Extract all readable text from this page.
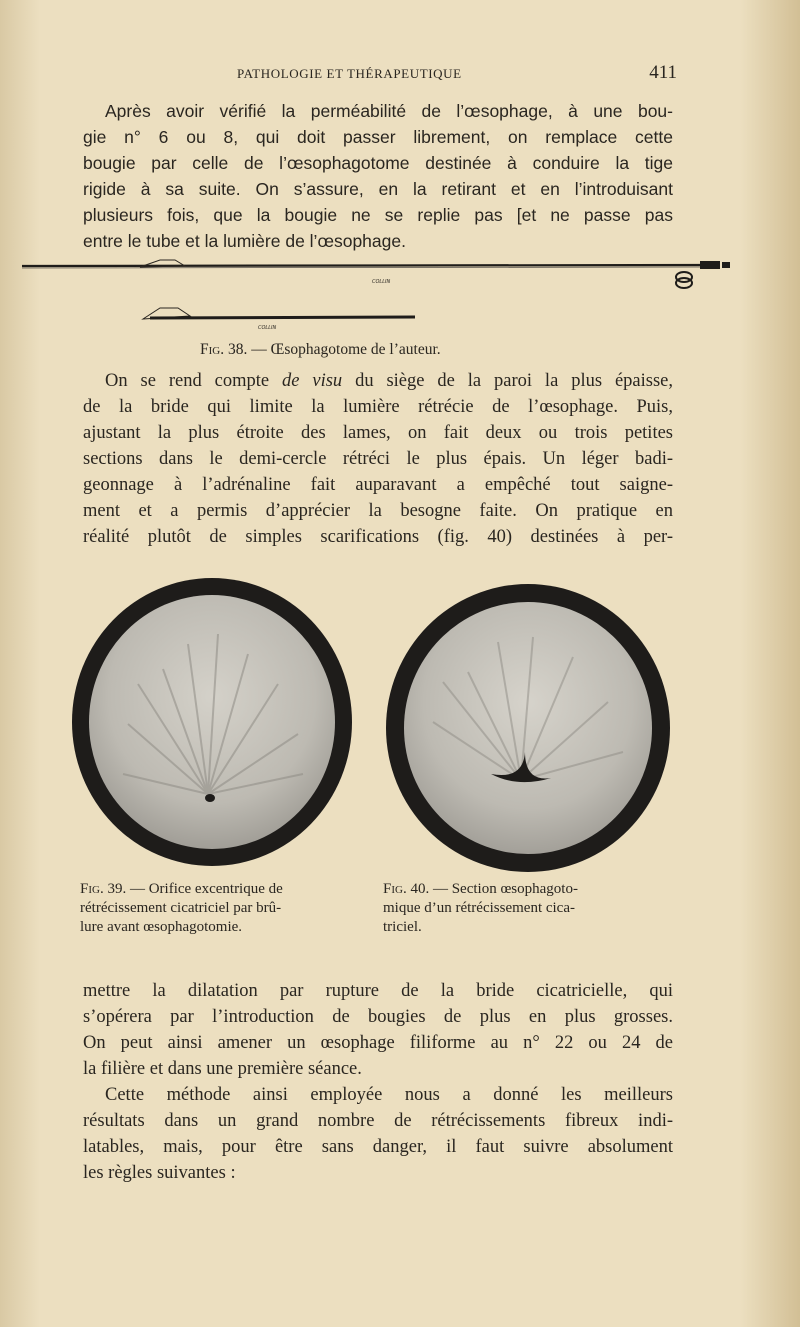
PATHOLOGIE ET THÉRAPEUTIQUE	411
Après avoir vérifié la perméabilité de l’œsophage, à une bou-
gie n° 6 ou 8, qui doit passer librement, on remplace cette
bougie par celle de l’œsophagotome destinée à conduire la tige
rigide à sa suite. On s’assure, en la retirant et en l’introduisant
plusieurs fois, que la bougie ne se replie pas [et ne passe pas
entre le tube et la lumière de l’œsophage.
COLLIN
COLLIN
Fig. 38. — Œsophagotome de l’auteur.
On se rend compte de visu du siège de la paroi la plus épaisse,
de la bride qui limite la lumière rétrécie de l’œsophage. Puis,
ajustant la plus étroite des lames, on fait deux ou trois petites
sections dans le demi-cercle rétréci le plus épais. Un léger badi-
geonnage à l’adrénaline fait auparavant a empêché tout saigne-
ment et a permis d’apprécier la besogne faite. On pratique en
réalité plutôt de simples scarifications (fig. 40) destinées à per-
Fig. 39. — Orifice excentrique de
rétrécissement cicatriciel par brû-
lure avant œsophagotomie.
Fig. 40. — Section œsophagoto-
mique d’un rétrécissement cica-
triciel.
mettre la dilatation par rupture de la bride cicatricielle, qui
s’opérera par l’introduction de bougies de plus en plus grosses.
On peut ainsi amener un œsophage filiforme au n° 22 ou 24 de
la filière et dans une première séance.
Cette méthode ainsi employée nous a donné les meilleurs
résultats dans un grand nombre de rétrécissements fibreux indi-
latables, mais, pour être sans danger, il faut suivre absolument
les règles suivantes :
